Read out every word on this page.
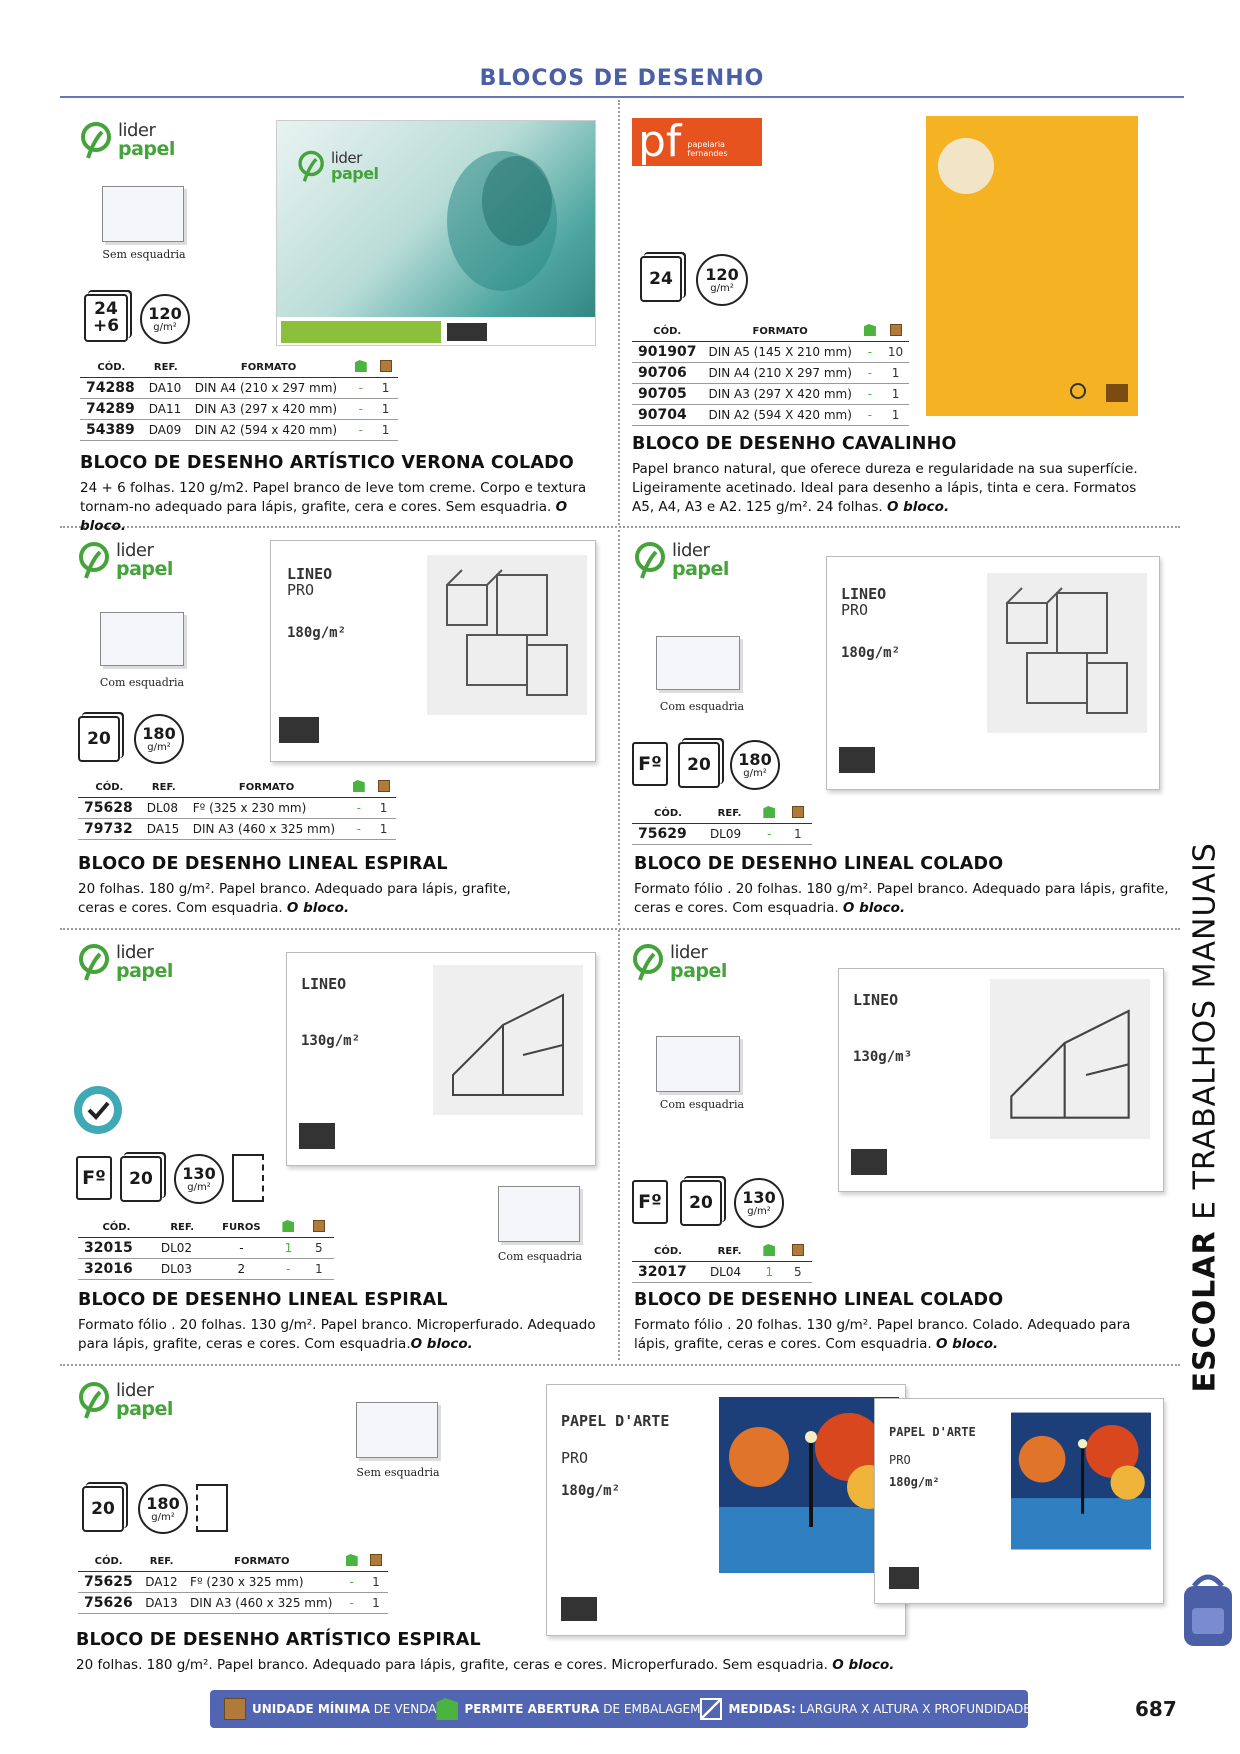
BLOCOS DE DESENHO
lider
papel
Sem esquadria
24 +6
120
g/m²
lider
papel
CÓD.	REF.	FORMATO		
74288	DA10	DIN A4 (210 x 297 mm)	-	1
74289	DA11	DIN A3 (297 x 420 mm)	-	1
54389	DA09	DIN A2 (594 x 420 mm)	-	1
BLOCO DE DESENHO ARTÍSTICO VERONA COLADO
24 + 6 folhas. 120 g/m2. Papel branco de leve tom creme. Corpo e textura tornam-no adequado para lápis, grafite, cera e cores. Sem esquadria. O bloco.
pf papelaria fernandes
24 120
g/m²
CÓD.	FORMATO		
901907	DIN A5 (145 X 210 mm)	-	10
90706	DIN A4 (210 X 297 mm)	-	1
90705	DIN A3 (297 X 420 mm)	-	1
90704	DIN A2 (594 X 420 mm)	-	1
BLOCO DE DESENHO CAVALINHO
Papel branco natural, que oferece dureza e regularidade na sua superfície. Ligeiramente acetinado. Ideal para desenho a lápis, tinta e cera. Formatos A5, A4, A3 e A2. 125 g/m². 24 folhas. O bloco.
lider
papel
Com esquadria
20 180
g/m²
LINEO
PRO
180g/m²
CÓD.	REF.	FORMATO		
75628	DL08	Fº (325 x 230 mm)	-	1
79732	DA15	DIN A3 (460 x 325 mm)	-	1
BLOCO DE DESENHO LINEAL ESPIRAL
20 folhas. 180 g/m². Papel branco. Adequado para lápis, grafite, ceras e cores. Com esquadria. O bloco.
lider
papel
Com esquadria
Fº 20 180
g/m²
LINEO
PRO
180g/m²
CÓD.	REF.		
75629	DL09	-	1
BLOCO DE DESENHO LINEAL COLADO
Formato fólio . 20 folhas. 180 g/m². Papel branco. Adequado para lápis, grafite, ceras e cores. Com esquadria. O bloco.
lider
papel
Fº 20 130
g/m²
LINEO
130g/m²
Com esquadria
CÓD.	REF.	FUROS		
32015	DL02	-	1	5
32016	DL03	2	-	1
BLOCO DE DESENHO LINEAL ESPIRAL
Formato fólio . 20 folhas. 130 g/m². Papel branco. Microperfurado. Adequado para lápis, grafite, ceras e cores. Com esquadria.O bloco.
lider
papel
Com esquadria
Fº 20 130
g/m²
LINEO
130g/m³
CÓD.	REF.		
32017	DL04	1	5
BLOCO DE DESENHO LINEAL COLADO
Formato fólio . 20 folhas. 130 g/m². Papel branco. Colado. Adequado para lápis, grafite, ceras e cores. Com esquadria. O bloco.
lider
papel
Sem esquadria
20 180
g/m²
PAPEL D'ARTE
PRO
180g/m²
PAPEL D'ARTE
PRO
180g/m²
CÓD.	REF.	FORMATO		
75625	DA12	Fº (230 x 325 mm)	-	1
75626	DA13	DIN A3 (460 x 325 mm)	-	1
BLOCO DE DESENHO ARTÍSTICO ESPIRAL
20 folhas. 180 g/m². Papel branco. Adequado para lápis, grafite, ceras e cores. Microperfurado. Sem esquadria. O bloco.
ESCOLAR E TRABALHOS MANUAIS
UNIDADE MÍNIMA DE VENDA PERMITE ABERTURA DE EMBALAGEM MEDIDAS: LARGURA X ALTURA X PROFUNDIDADE	687
